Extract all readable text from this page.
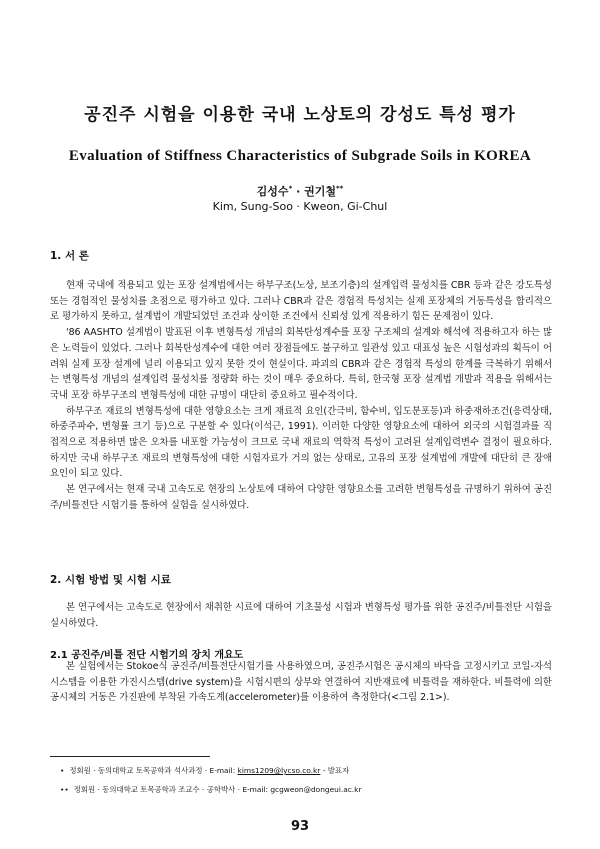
공진주 시험을 이용한 국내 노상토의 강성도 특성 평가
Evaluation of Stiffness Characteristics of Subgrade Soils in KOREA
김성수* · 권기철**
Kim, Sung-Soo · Kweon, Gi-Chul
1. 서 론

현재 국내에 적용되고 있는 포장 설계법에서는 하부구조(노상, 보조기층)의 설계입력 물성치를 CBR 등과 같은 강도특성 또는 경험적인 물성치를 초점으로 평가하고 있다. 그러나 CBR과 같은 경험적 특성치는 실제 포장체의 거동특성을 합리적으로 평가하지 못하고, 설계법이 개발되었던 조건과 상이한 조건에서 신뢰성 있게 적용하기 힘든 문제점이 있다.

'86 AASHTO 설계법이 발표된 이후 변형특성 개념의 회복탄성계수를 포장 구조체의 설계와 해석에 적용하고자 하는 많은 노력들이 있었다. 그러나 회복탄성계수에 대한 여러 장점들에도 불구하고 일관성 있고 대표성 높은 시험성과의 획득이 어려워 실제 포장 설계에 널리 이용되고 있지 못한 것이 현실이다. 파괴의 CBR과 같은 경험적 특성의 한계를 극복하기 위해서는 변형특성 개념의 설계입력 물성치를 정량화 하는 것이 매우 중요하다. 특히, 한국형 포장 설계법 개발과 적용을 위해서는 국내 포장 하부구조의 변형특성에 대한 규명이 대단히 중요하고 필수적이다.

하부구조 재료의 변형특성에 대한 영향요소는 크게 재료적 요인(간극비, 함수비, 입도분포등)과 하중재하조건(응력상태, 하중주파수, 변형률 크기 등)으로 구분할 수 있다(이석근, 1991). 이러한 다양한 영향요소에 대하여 외국의 시험결과를 직접적으로 적용하면 많은 오차를 내포할 가능성이 크므로 국내 재료의 역학적 특성이 고려된 설계입력변수 결정이 필요하다. 하지만 국내 하부구조 재료의 변형특성에 대한 시험자료가 거의 없는 상태로, 고유의 포장 설계법에 개발에 대단히 큰 장애 요인이 되고 있다.

본 연구에서는 현재 국내 고속도로 현장의 노상토에 대하여 다양한 영향요소를 고려한 변형특성을 규명하기 위하여 공진주/비틀전단 시험기를 통하여 실험을 실시하였다.

2. 시험 방법 및 시험 시료

본 연구에서는 고속도로 현장에서 채취한 시료에 대하여 기초물성 시험과 변형특성 평가를 위한 공진주/비틀전단 시험을 실시하였다.

2.1 공진주/비틀 전단 시험기의 장치 개요도

본 실험에서는 Stokoe식 공진주/비틀전단시험기를 사용하였으며, 공진주시험은 공시체의 바닥을 고정시키고 코일-자석 시스템을 이용한 가진시스템(drive system)을 시험시편의 상부와 연결하여 지반재료에 비틀력을 재하한다. 비틀력에 의한 공시체의 거동은 가진판에 부착된 가속도계(accelerometer)를 이용하여 측정한다(<그림 2.1>).

• 정회원 · 동의대학교 토목공학과 석사과정 · E-mail: kims1209@lycso.co.kr - 발표자
•• 정회원 · 동의대학교 토목공학과 조교수 · 공학박사 · E-mail: gcgweon@dongeui.ac.kr
93
